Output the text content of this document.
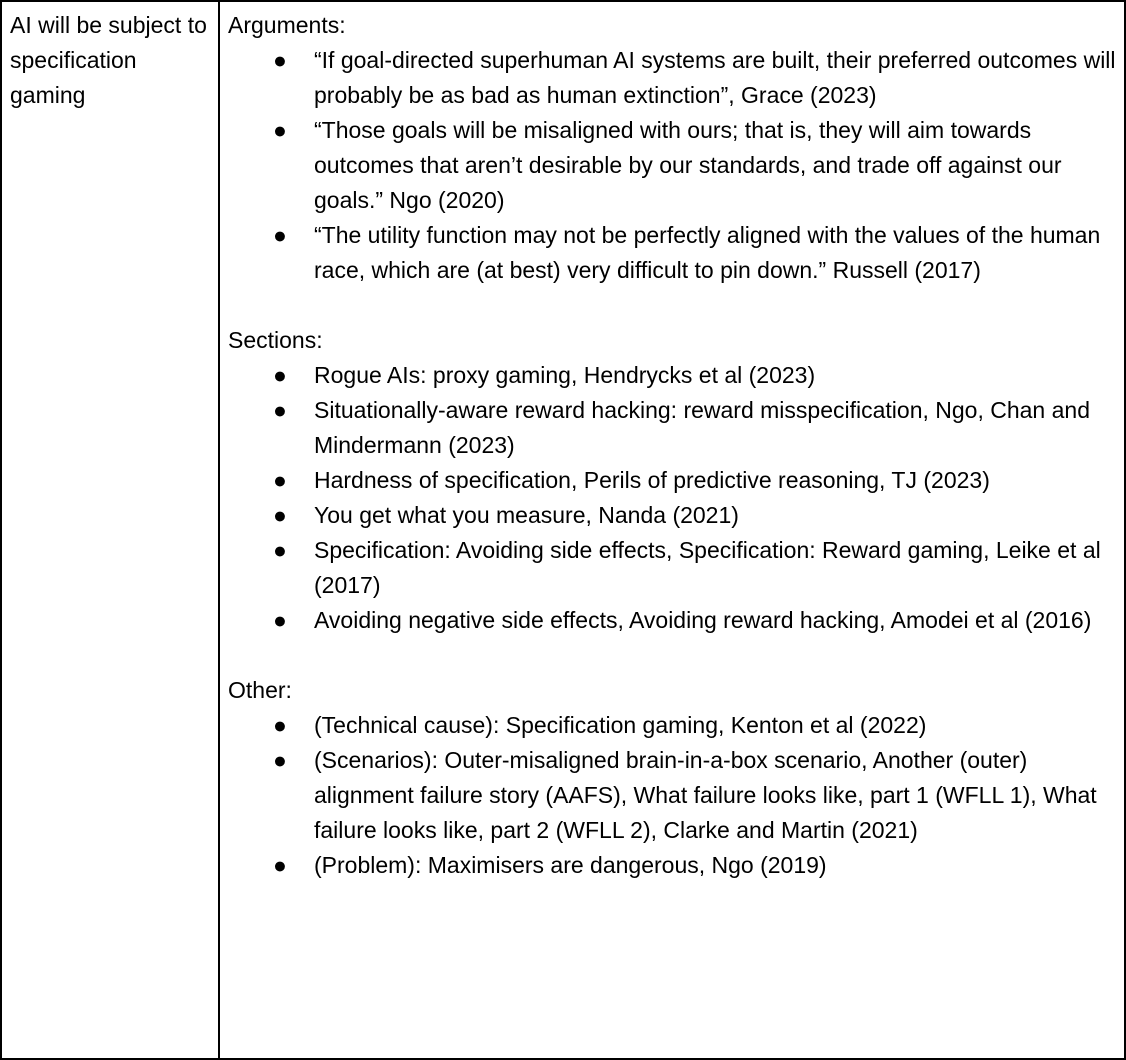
AI will be subject to specification gaming
Arguments:
● “If goal-directed superhuman AI systems are built, their preferred outcomes will probably be as bad as human extinction”, Grace (2023)
● “Those goals will be misaligned with ours; that is, they will aim towards outcomes that aren’t desirable by our standards, and trade off against our goals.” Ngo (2020)
● “The utility function may not be perfectly aligned with the values of the human race, which are (at best) very difficult to pin down.” Russell (2017)
Sections:
● Rogue AIs: proxy gaming, Hendrycks et al (2023)
● Situationally-aware reward hacking: reward misspecification, Ngo, Chan and Mindermann (2023)
● Hardness of specification, Perils of predictive reasoning, TJ (2023)
● You get what you measure, Nanda (2021)
● Specification: Avoiding side effects, Specification: Reward gaming, Leike et al (2017)
● Avoiding negative side effects, Avoiding reward hacking, Amodei et al (2016)
Other:
● (Technical cause): Specification gaming, Kenton et al (2022)
● (Scenarios): Outer-misaligned brain-in-a-box scenario, Another (outer) alignment failure story (AAFS), What failure looks like, part 1 (WFLL 1), What failure looks like, part 2 (WFLL 2), Clarke and Martin (2021)
● (Problem): Maximisers are dangerous, Ngo (2019)
